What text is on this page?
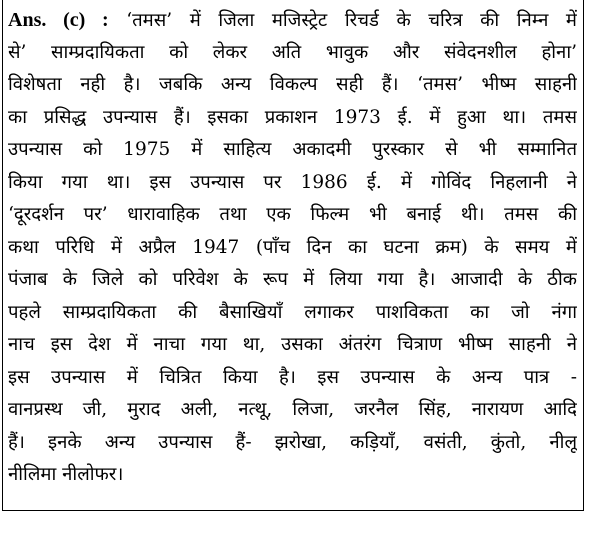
Ans. (c) : ‘तमस’ में जिला मजिस्ट्रेट रिचर्ड के चरित्र की निम्न में
से’ साम्प्रदायिकता को लेकर अति भावुक और संवेदनशील होना’
विशेषता नही है। जबकि अन्य विकल्प सही हैं। ‘तमस’ भीष्म साहनी
का प्रसिद्ध उपन्यास हैं। इसका प्रकाशन 1973 ई. में हुआ था। तमस
उपन्यास को 1975 में साहित्य अकादमी पुरस्कार से भी सम्मानित
किया गया था। इस उपन्यास पर 1986 ई. में गोविंद निहलानी ने
‘दूरदर्शन पर’ धारावाहिक तथा एक फिल्म भी बनाई थी। तमस की
कथा परिधि में अप्रैल 1947 (पाँच दिन का घटना क्रम) के समय में
पंजाब के जिले को परिवेश के रूप में लिया गया है। आजादी के ठीक
पहले साम्प्रदायिकता की बैसाखियाँ लगाकर पाशविकता का जो नंगा
नाच इस देश में नाचा गया था, उसका अंतरंग चित्राण भीष्म साहनी ने
इस उपन्यास में चित्रित किया है। इस उपन्यास के अन्य पात्र -
वानप्रस्थ जी, मुराद अली, नत्थू, लिजा, जरनैल सिंह, नारायण आदि
हैं। इनके अन्य उपन्यास हैं- झरोखा, कड़ियाँ, वसंती, कुंतो, नीलू
नीलिमा नीलोफर।
